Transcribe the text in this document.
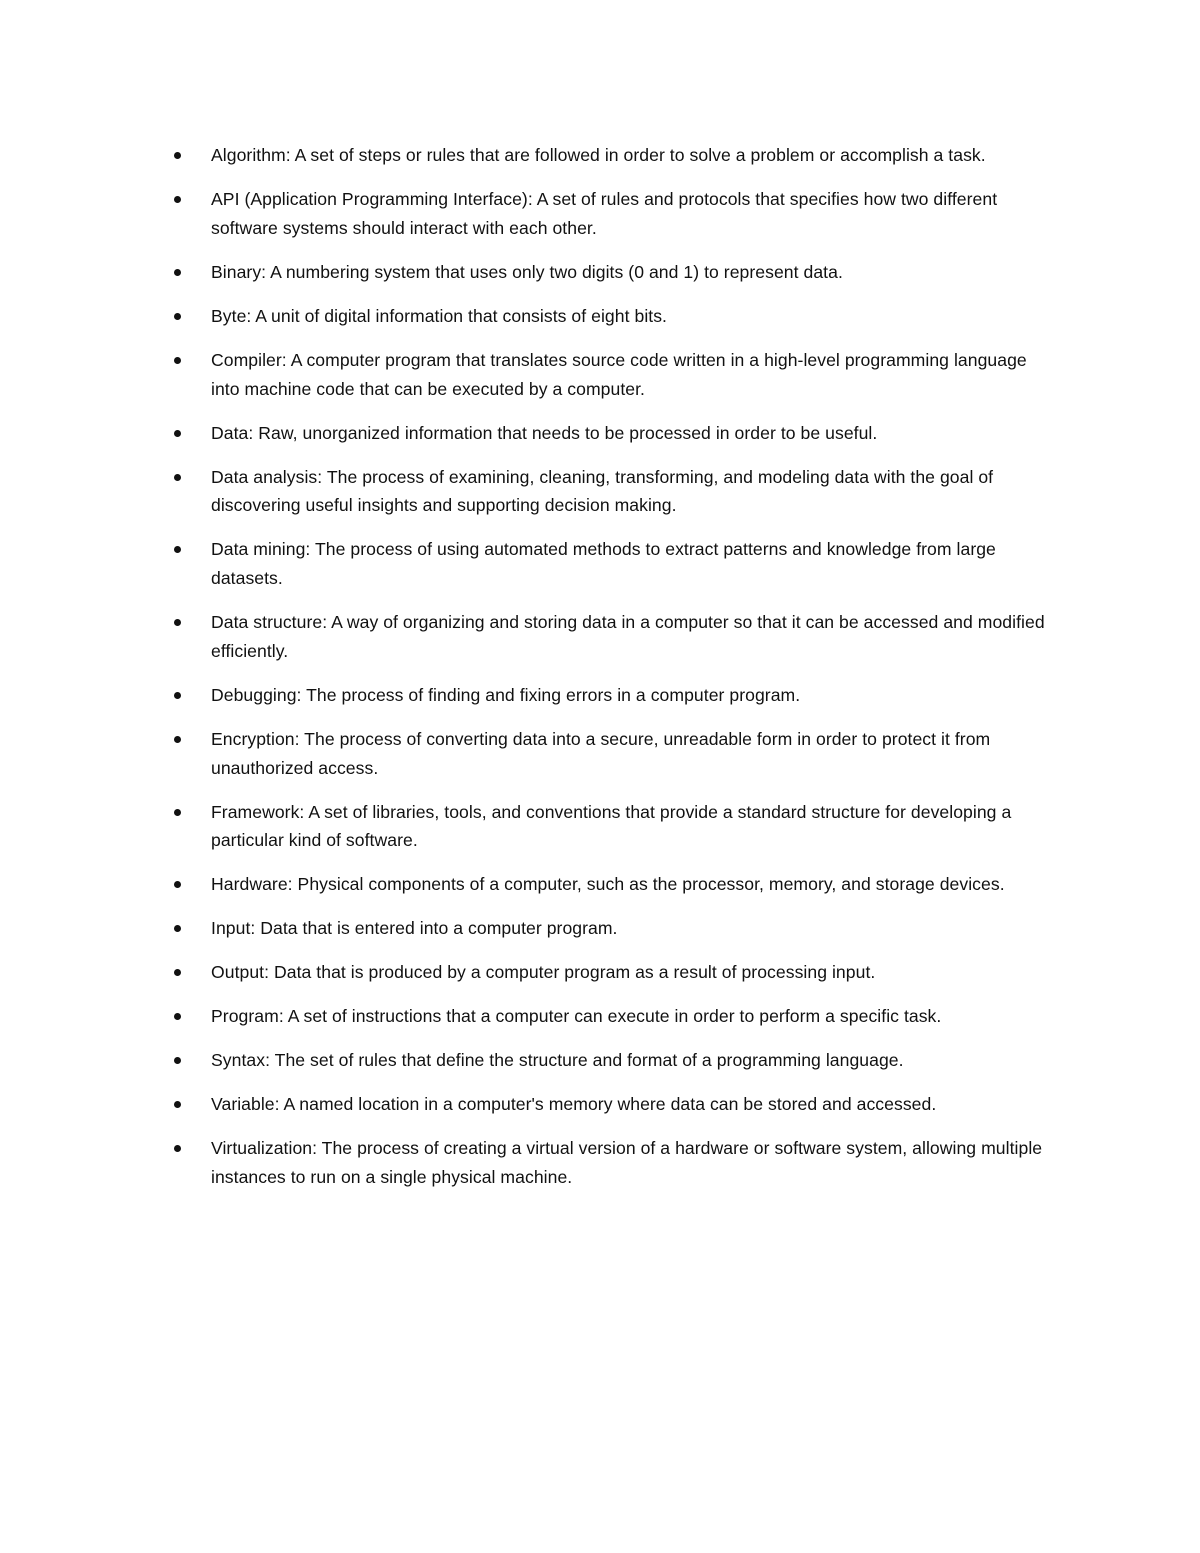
Algorithm: A set of steps or rules that are followed in order to solve a problem or accomplish a task.
API (Application Programming Interface): A set of rules and protocols that specifies how two different software systems should interact with each other.
Binary: A numbering system that uses only two digits (0 and 1) to represent data.
Byte: A unit of digital information that consists of eight bits.
Compiler: A computer program that translates source code written in a high-level programming language into machine code that can be executed by a computer.
Data: Raw, unorganized information that needs to be processed in order to be useful.
Data analysis: The process of examining, cleaning, transforming, and modeling data with the goal of discovering useful insights and supporting decision making.
Data mining: The process of using automated methods to extract patterns and knowledge from large datasets.
Data structure: A way of organizing and storing data in a computer so that it can be accessed and modified efficiently.
Debugging: The process of finding and fixing errors in a computer program.
Encryption: The process of converting data into a secure, unreadable form in order to protect it from unauthorized access.
Framework: A set of libraries, tools, and conventions that provide a standard structure for developing a particular kind of software.
Hardware: Physical components of a computer, such as the processor, memory, and storage devices.
Input: Data that is entered into a computer program.
Output: Data that is produced by a computer program as a result of processing input.
Program: A set of instructions that a computer can execute in order to perform a specific task.
Syntax: The set of rules that define the structure and format of a programming language.
Variable: A named location in a computer's memory where data can be stored and accessed.
Virtualization: The process of creating a virtual version of a hardware or software system, allowing multiple instances to run on a single physical machine.
